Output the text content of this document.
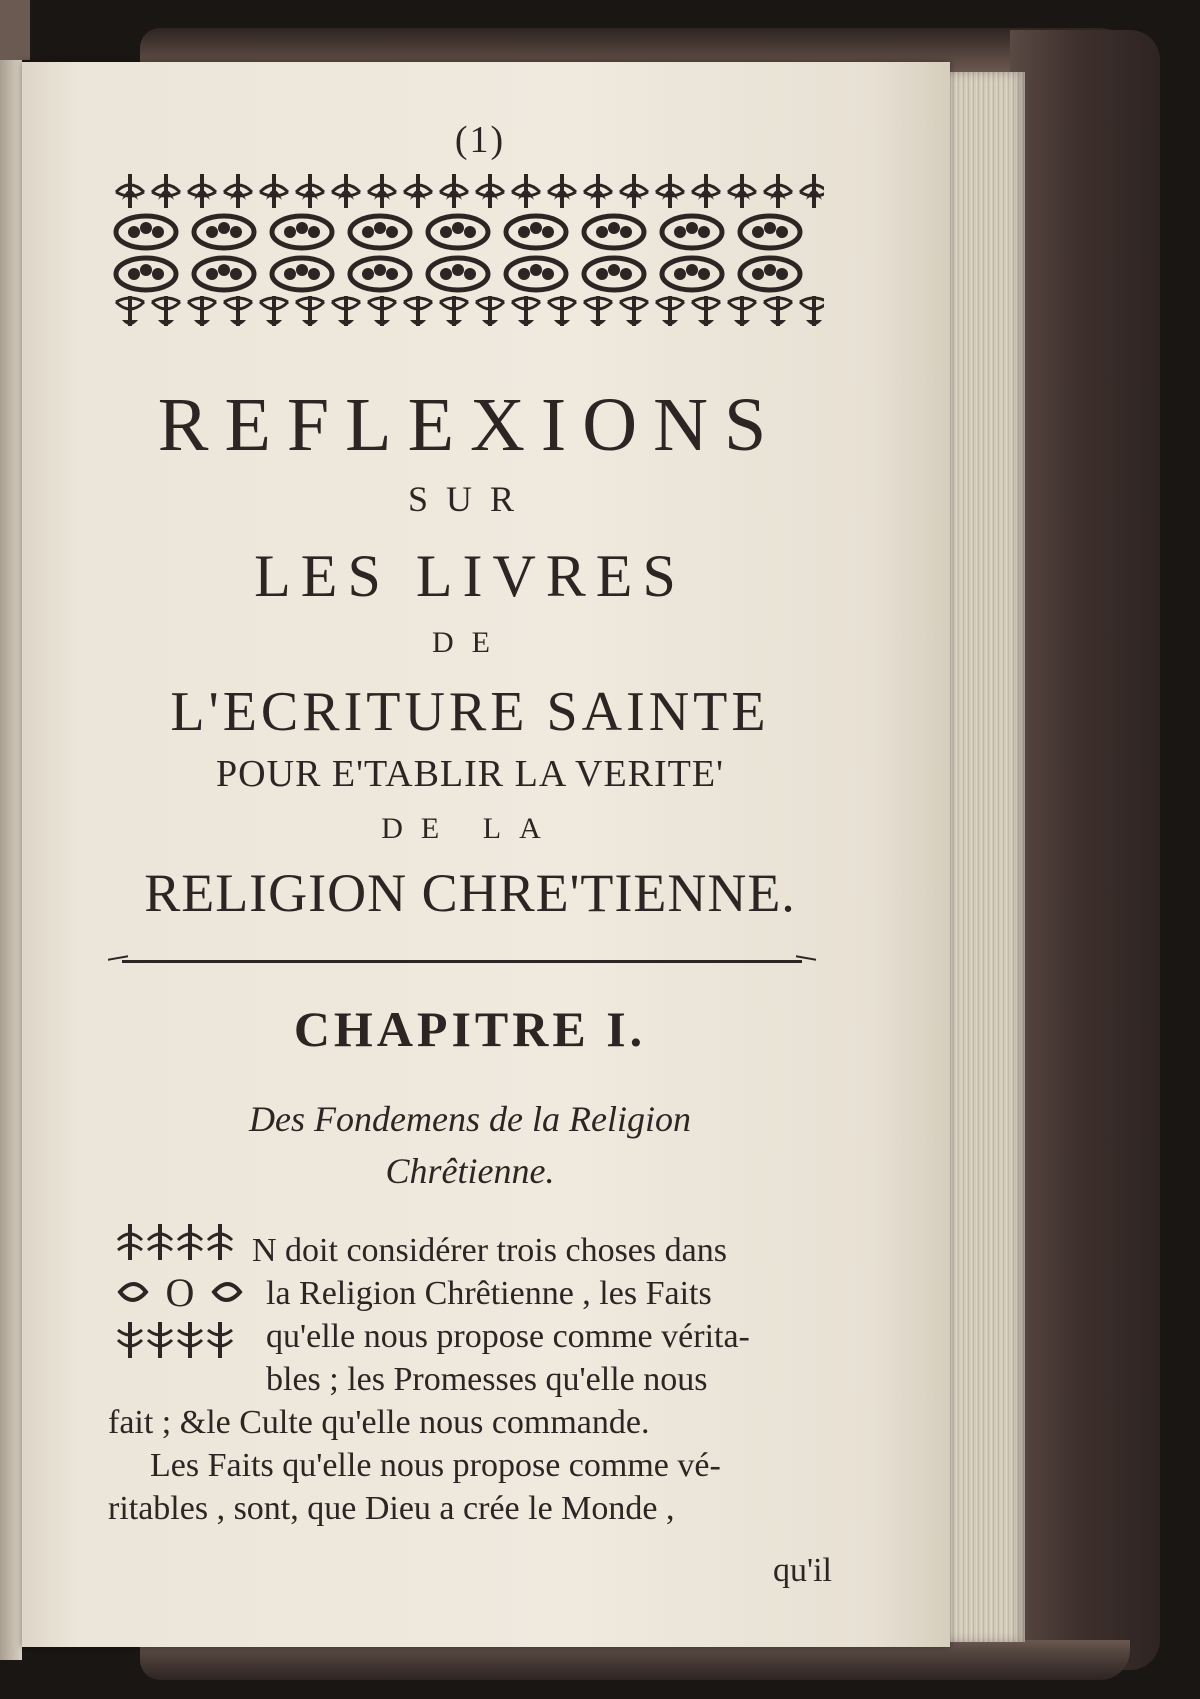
(1)
REFLEXIONS
SUR
LES LIVRES
DE
L'ECRITURE SAINTE
POUR E'TABLIR LA VERITE'
DE LA
RELIGION CHRE'TIENNE.
CHAPITRE I.
Des Fondemens de la Religion
Chrêtienne.
O
N doit considérer trois choses dans
la Religion Chrêtienne , les Faits
qu'elle nous propose comme vérita-
bles ; les Promesses qu'elle nous
fait ; &le Culte qu'elle nous commande.
Les Faits qu'elle nous propose comme vé-
ritables , sont, que Dieu a crée le Monde ,
qu'il
